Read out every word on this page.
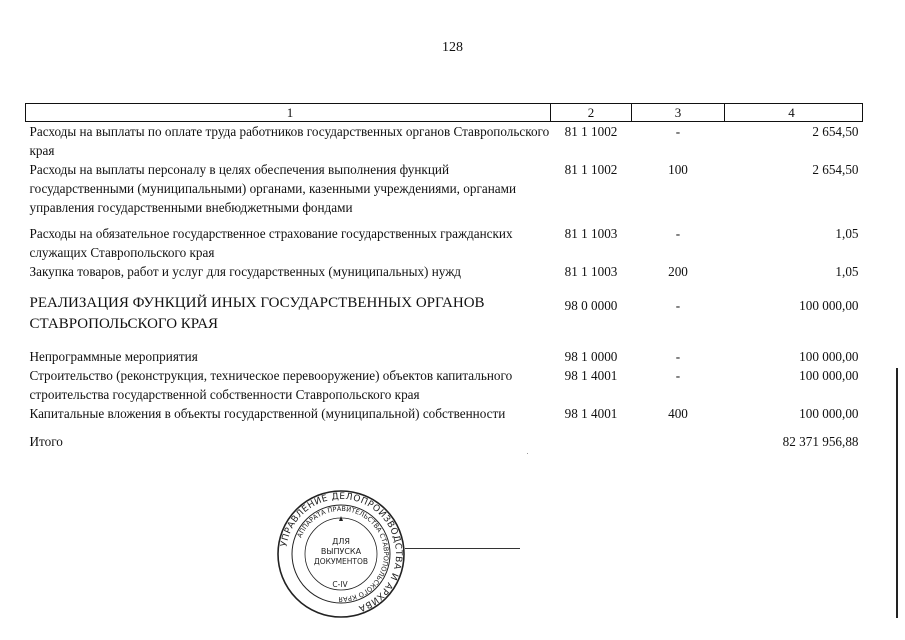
128
1	2	3	4
Расходы на выплаты по оплате труда работников государственных органов Ставропольского края	81 1 1002	-	2 654,50
Расходы на выплаты персоналу в целях обеспечения выполнения функций государственными (муниципальными) органами, казенными учреждениями, органами управления государственными внебюджетными фондами	81 1 1002	100	2 654,50
Расходы на обязательное государственное страхование государственных гражданских служащих Ставропольского края	81 1 1003	-	1,05
Закупка товаров, работ и услуг для государственных (муниципальных) нужд	81 1 1003	200	1,05
РЕАЛИЗАЦИЯ ФУНКЦИЙ ИНЫХ ГОСУДАРСТВЕННЫХ ОРГАНОВ СТАВРОПОЛЬСКОГО КРАЯ	98 0 0000	-	100 000,00
Непрограммные мероприятия	98 1 0000	-	100 000,00
Строительство (реконструкция, техническое перевооружение) объектов капитального строительства государственной собственности Ставропольского края	98 1 4001	-	100 000,00
Капитальные вложения в объекты государственной (муниципальной) собственности	98 1 4001	400	100 000,00
Итого			82 371 956,88
УПРАВЛЕНИЕ ДЕЛОПРОИЗВОДСТВА И АРХИВА
АППАРАТА ПРАВИТЕЛЬСТВА СТАВРОПОЛЬСКОГО КРАЯ
ДЛЯ
ВЫПУСКА
ДОКУМЕНТОВ
С-IV
